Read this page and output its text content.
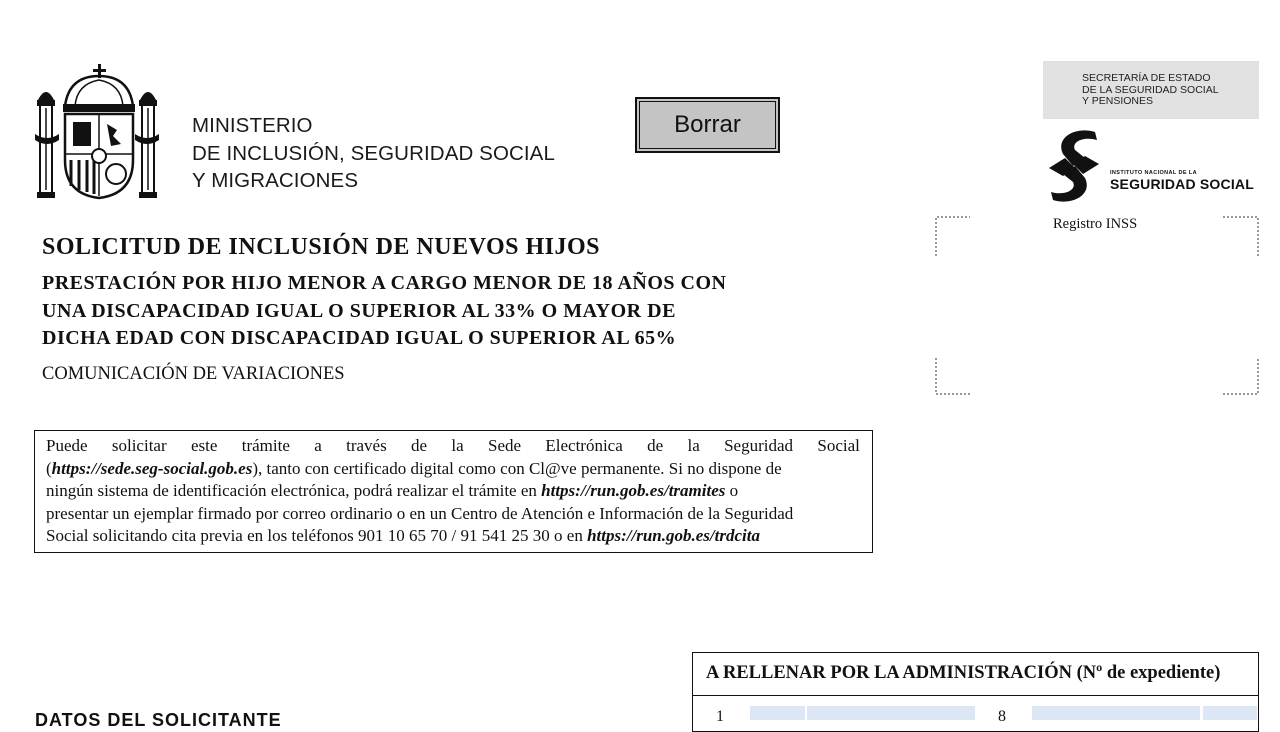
MINISTERIO
DE INCLUSIÓN, SEGURIDAD SOCIAL
Y MIGRACIONES
Borrar
SECRETARÍA DE ESTADO
DE LA SEGURIDAD SOCIAL
Y PENSIONES
INSTITUTO NACIONAL DE LA
SEGURIDAD SOCIAL
Registro INSS
SOLICITUD DE INCLUSIÓN DE NUEVOS HIJOS
PRESTACIÓN POR HIJO MENOR A CARGO MENOR DE 18 AÑOS CON
UNA DISCAPACIDAD IGUAL O SUPERIOR AL 33% O MAYOR DE
DICHA EDAD CON DISCAPACIDAD IGUAL O SUPERIOR AL 65%
COMUNICACIÓN DE VARIACIONES
Puede solicitar este trámite a través de la Sede Electrónica de la Seguridad Social
(https://sede.seg-social.gob.es), tanto con certificado digital como con Cl@ve permanente. Si no dispone de
ningún sistema de identificación electrónica, podrá realizar el trámite en https://run.gob.es/tramites o
presentar un ejemplar firmado por correo ordinario o en un Centro de Atención e Información de la Seguridad
Social solicitando cita previa en los teléfonos 901 10 65 70 / 91 541 25 30 o en https://run.gob.es/trdcita
A RELLENAR POR LA ADMINISTRACIÓN (Nº de expediente)
1	8
DATOS DEL SOLICITANTE
